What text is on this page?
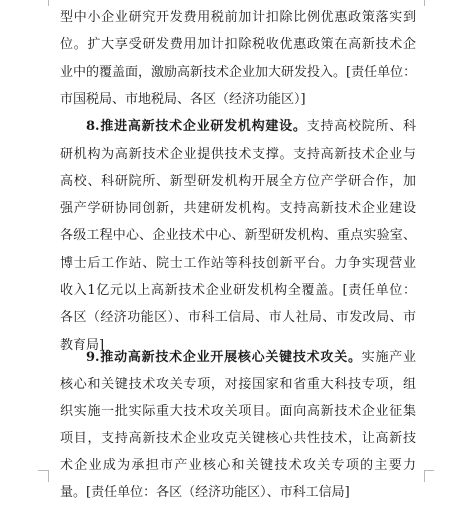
型中小企业研究开发费用税前加计扣除比例优惠政策落实到
位。扩大享受研发费用加计扣除税收优惠政策在高新技术企
业中的覆盖面，激励高新技术企业加大研发投入。[责任单位：
市国税局、市地税局、各区（经济功能区）]
8.推进高新技术企业研发机构建设。支持高校院所、科
研机构为高新技术企业提供技术支撑。支持高新技术企业与
高校、科研院所、新型研发机构开展全方位产学研合作，加
强产学研协同创新，共建研发机构。支持高新技术企业建设
各级工程中心、企业技术中心、新型研发机构、重点实验室、
博士后工作站、院士工作站等科技创新平台。力争实现营业
收入1亿元以上高新技术企业研发机构全覆盖。[责任单位：
各区（经济功能区）、市科工信局、市人社局、市发改局、市
教育局]
9.推动高新技术企业开展核心关键技术攻关。实施产业
核心和关键技术攻关专项，对接国家和省重大科技专项，组
织实施一批实际重大技术攻关项目。面向高新技术企业征集
项目，支持高新技术企业攻克关键核心共性技术，让高新技
术企业成为承担市产业核心和关键技术攻关专项的主要力
量。[责任单位：各区（经济功能区）、市科工信局]
